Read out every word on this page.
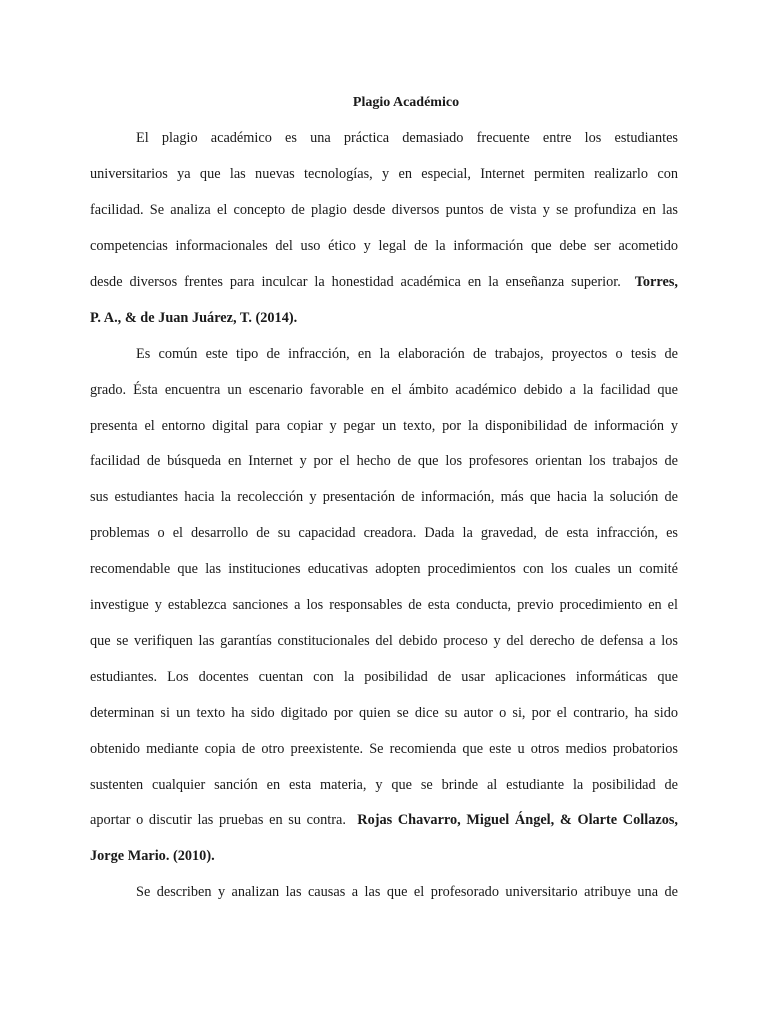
Plagio Académico
El plagio académico es una práctica demasiado frecuente entre los estudiantes
universitarios ya que las nuevas tecnologías, y en especial, Internet permiten realizarlo con
facilidad. Se analiza el concepto de plagio desde diversos puntos de vista y se profundiza en las
competencias informacionales del uso ético y legal de la información que debe ser acometido
desde diversos frentes para inculcar la honestidad académica en la enseñanza superior. Torres,
P. A., & de Juan Juárez, T. (2014).
Es común este tipo de infracción, en la elaboración de trabajos, proyectos o tesis de
grado. Ésta encuentra un escenario favorable en el ámbito académico debido a la facilidad que
presenta el entorno digital para copiar y pegar un texto, por la disponibilidad de información y
facilidad de búsqueda en Internet y por el hecho de que los profesores orientan los trabajos de
sus estudiantes hacia la recolección y presentación de información, más que hacia la solución de
problemas o el desarrollo de su capacidad creadora. Dada la gravedad, de esta infracción, es
recomendable que las instituciones educativas adopten procedimientos con los cuales un comité
investigue y establezca sanciones a los responsables de esta conducta, previo procedimiento en el
que se verifiquen las garantías constitucionales del debido proceso y del derecho de defensa a los
estudiantes. Los docentes cuentan con la posibilidad de usar aplicaciones informáticas que
determinan si un texto ha sido digitado por quien se dice su autor o si, por el contrario, ha sido
obtenido mediante copia de otro preexistente. Se recomienda que este u otros medios probatorios
sustenten cualquier sanción en esta materia, y que se brinde al estudiante la posibilidad de
aportar o discutir las pruebas en su contra. Rojas Chavarro, Miguel Ángel, & Olarte Collazos,
Jorge Mario. (2010).
Se describen y analizan las causas a las que el profesorado universitario atribuye una de
